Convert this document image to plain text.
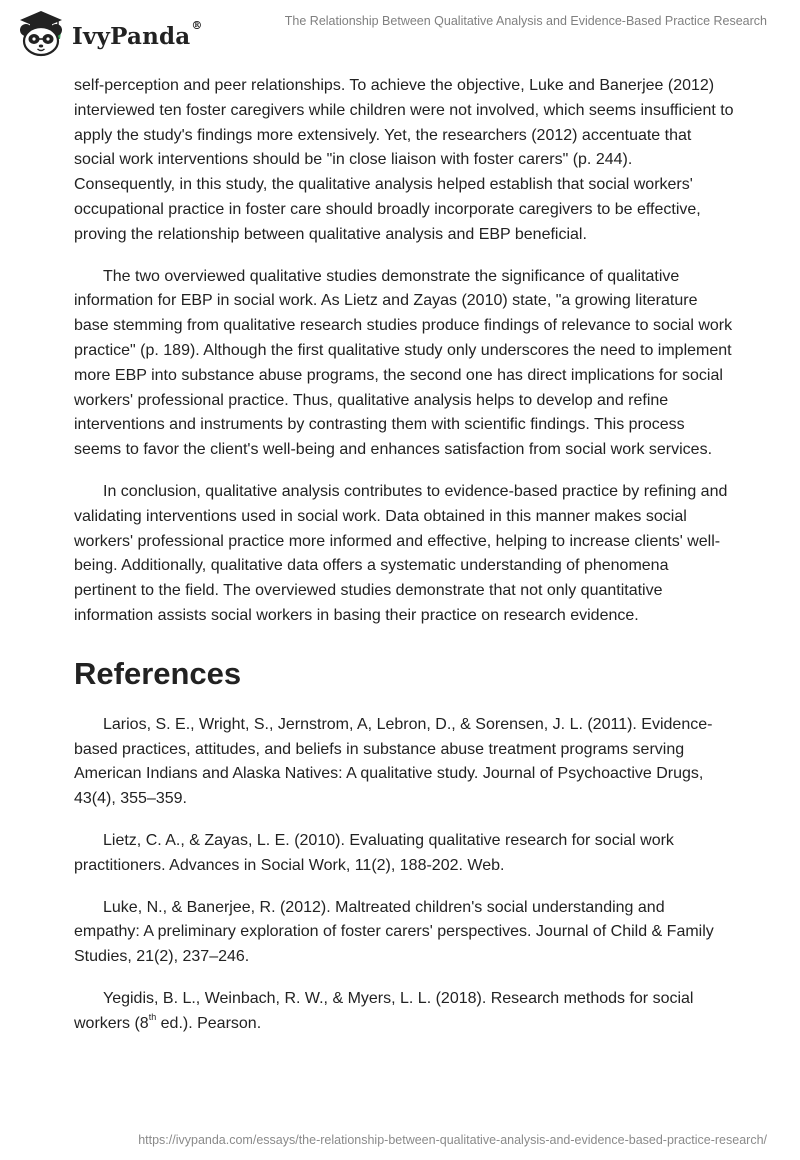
IvyPanda®	The Relationship Between Qualitative Analysis and Evidence-Based Practice Research

self-perception and peer relationships. To achieve the objective, Luke and Banerjee (2012) interviewed ten foster caregivers while children were not involved, which seems insufficient to apply the study's findings more extensively. Yet, the researchers (2012) accentuate that social work interventions should be "in close liaison with foster carers" (p. 244). Consequently, in this study, the qualitative analysis helped establish that social workers' occupational practice in foster care should broadly incorporate caregivers to be effective, proving the relationship between qualitative analysis and EBP beneficial.

The two overviewed qualitative studies demonstrate the significance of qualitative information for EBP in social work. As Lietz and Zayas (2010) state, "a growing literature base stemming from qualitative research studies produce findings of relevance to social work practice" (p. 189). Although the first qualitative study only underscores the need to implement more EBP into substance abuse programs, the second one has direct implications for social workers' professional practice. Thus, qualitative analysis helps to develop and refine interventions and instruments by contrasting them with scientific findings. This process seems to favor the client's well-being and enhances satisfaction from social work services.

In conclusion, qualitative analysis contributes to evidence-based practice by refining and validating interventions used in social work. Data obtained in this manner makes social workers' professional practice more informed and effective, helping to increase clients' well-being. Additionally, qualitative data offers a systematic understanding of phenomena pertinent to the field. The overviewed studies demonstrate that not only quantitative information assists social workers in basing their practice on research evidence.

References

Larios, S. E., Wright, S., Jernstrom, A, Lebron, D., & Sorensen, J. L. (2011). Evidence-based practices, attitudes, and beliefs in substance abuse treatment programs serving American Indians and Alaska Natives: A qualitative study. Journal of Psychoactive Drugs, 43(4), 355–359.

Lietz, C. A., & Zayas, L. E. (2010). Evaluating qualitative research for social work practitioners. Advances in Social Work, 11(2), 188-202. Web.

Luke, N., & Banerjee, R. (2012). Maltreated children's social understanding and empathy: A preliminary exploration of foster carers' perspectives. Journal of Child & Family Studies, 21(2), 237–246.

Yegidis, B. L., Weinbach, R. W., & Myers, L. L. (2018). Research methods for social workers (8th ed.). Pearson.

https://ivypanda.com/essays/the-relationship-between-qualitative-analysis-and-evidence-based-practice-research/
